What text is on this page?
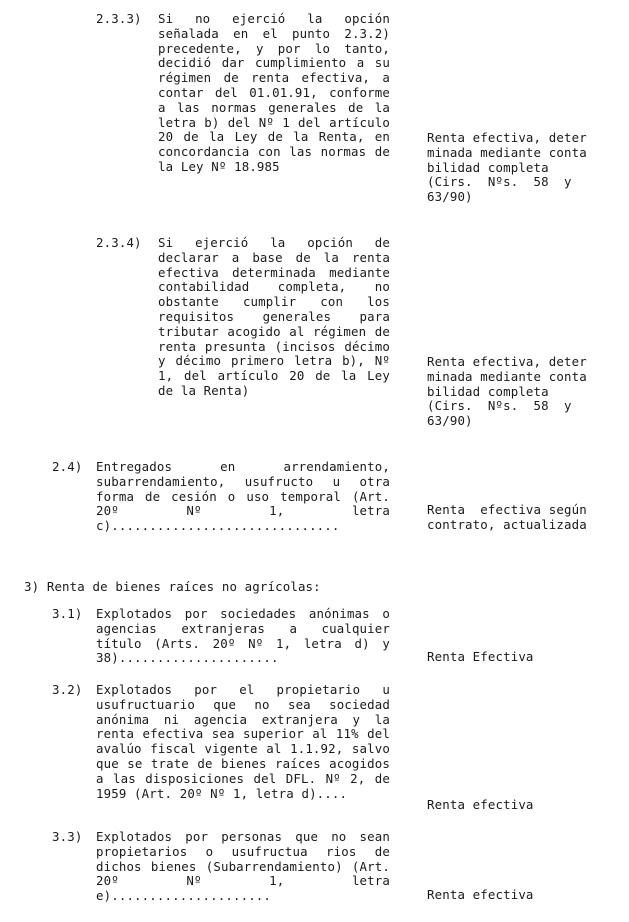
2.3.3) Si no ejerció la opción señalada en el punto 2.3.2) precedente, y por lo tanto, decidió dar cumplimiento a su régimen de renta efectiva, a contar del 01.01.91, conforme a las normas generales de la letra b) del Nº 1 del artículo 20 de la Ley de la Renta, en concordancia con las normas de la Ley Nº 18.985
Renta efectiva, deter
minada mediante conta
bilidad completa
(Cirs.  Nºs.  58  y
63/90)
2.3.4) Si ejerció la opción de declarar a base de la renta efectiva determinada mediante contabilidad completa, no obstante cumplir con los requisitos generales para tributar acogido al régimen de renta presunta (incisos décimo y décimo primero letra b), Nº 1, del artículo 20 de la Ley de la Renta)
Renta efectiva, deter
minada mediante conta
bilidad completa
(Cirs.  Nºs.  58  y
63/90)
2.4) Entregados en arrendamiento, subarrendamiento, usufructo u otra forma de cesión o uso temporal (Art. 20º Nº 1, letra c)..............................
Renta  efectiva según
contrato, actualizada
3) Renta de bienes raíces no agrícolas:
3.1) Explotados por sociedades anónimas o agencias extranjeras a cualquier título (Arts. 20º Nº 1, letra d) y 38).....................	Renta Efectiva
3.2) Explotados por el propietario u usufructuario que no sea sociedad anónima ni agencia extranjera y la renta efectiva sea superior al 11% del avalúo fiscal vigente al 1.1.92, salvo que se trate de bienes raíces acogidos a las disposiciones del DFL. Nº 2, de 1959 (Art. 20º Nº 1, letra d)....
Renta efectiva
3.3) Explotados por personas que no sean propietarios o usufructua rios de dichos bienes (Subarrendamiento) (Art. 20º Nº 1, letra e).....................	Renta efectiva
